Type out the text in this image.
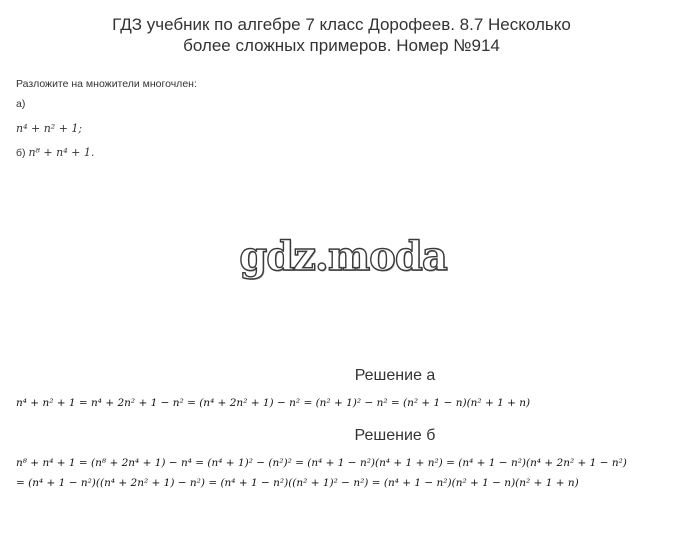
ГДЗ учебник по алгебре 7 класс Дорофеев. 8.7 Несколько
более сложных примеров. Номер №914
Разложите на множители многочлен:
а)
n⁴ + n² + 1;
б) n⁸ + n⁴ + 1.
gdz.moda
Решение а
n⁴ + n² + 1 = n⁴ + 2n² + 1 − n² = (n⁴ + 2n² + 1) − n² = (n² + 1)² − n² = (n² + 1 − n)(n² + 1 + n)
Решение б
n⁸ + n⁴ + 1 = (n⁸ + 2n⁴ + 1) − n⁴ = (n⁴ + 1)² − (n²)² = (n⁴ + 1 − n²)(n⁴ + 1 + n²) = (n⁴ + 1 − n²)(n⁴ + 2n² + 1 − n²)
= (n⁴ + 1 − n²)((n⁴ + 2n² + 1) − n²) = (n⁴ + 1 − n²)((n² + 1)² − n²) = (n⁴ + 1 − n²)(n² + 1 − n)(n² + 1 + n)
